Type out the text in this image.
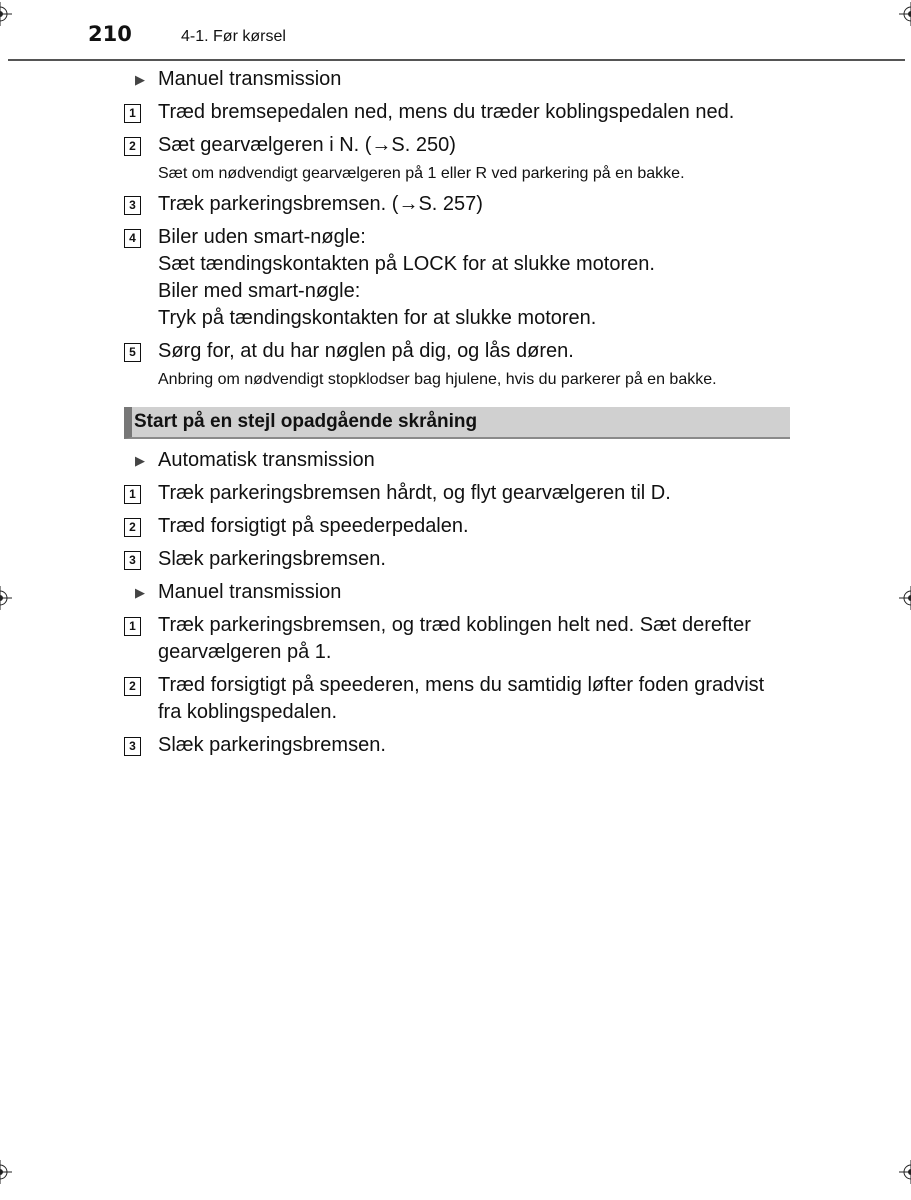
210	4-1. Før kørsel
▶ Manuel transmission
1 Træd bremsepedalen ned, mens du træder koblingspedalen ned.
2 Sæt gearvælgeren i N. (→S. 250)
Sæt om nødvendigt gearvælgeren på 1 eller R ved parkering på en bakke.
3 Træk parkeringsbremsen. (→S. 257)
4 Biler uden smart-nøgle:
Sæt tændingskontakten på LOCK for at slukke motoren.
Biler med smart-nøgle:
Tryk på tændingskontakten for at slukke motoren.
5 Sørg for, at du har nøglen på dig, og lås døren.
Anbring om nødvendigt stopklodser bag hjulene, hvis du parkerer på en bakke.
Start på en stejl opadgående skråning
▶ Automatisk transmission
1 Træk parkeringsbremsen hårdt, og flyt gearvælgeren til D.
2 Træd forsigtigt på speederpedalen.
3 Slæk parkeringsbremsen.
▶ Manuel transmission
1 Træk parkeringsbremsen, og træd koblingen helt ned. Sæt derefter gearvælgeren på 1.
2 Træd forsigtigt på speederen, mens du samtidig løfter foden gradvist fra koblingspedalen.
3 Slæk parkeringsbremsen.
